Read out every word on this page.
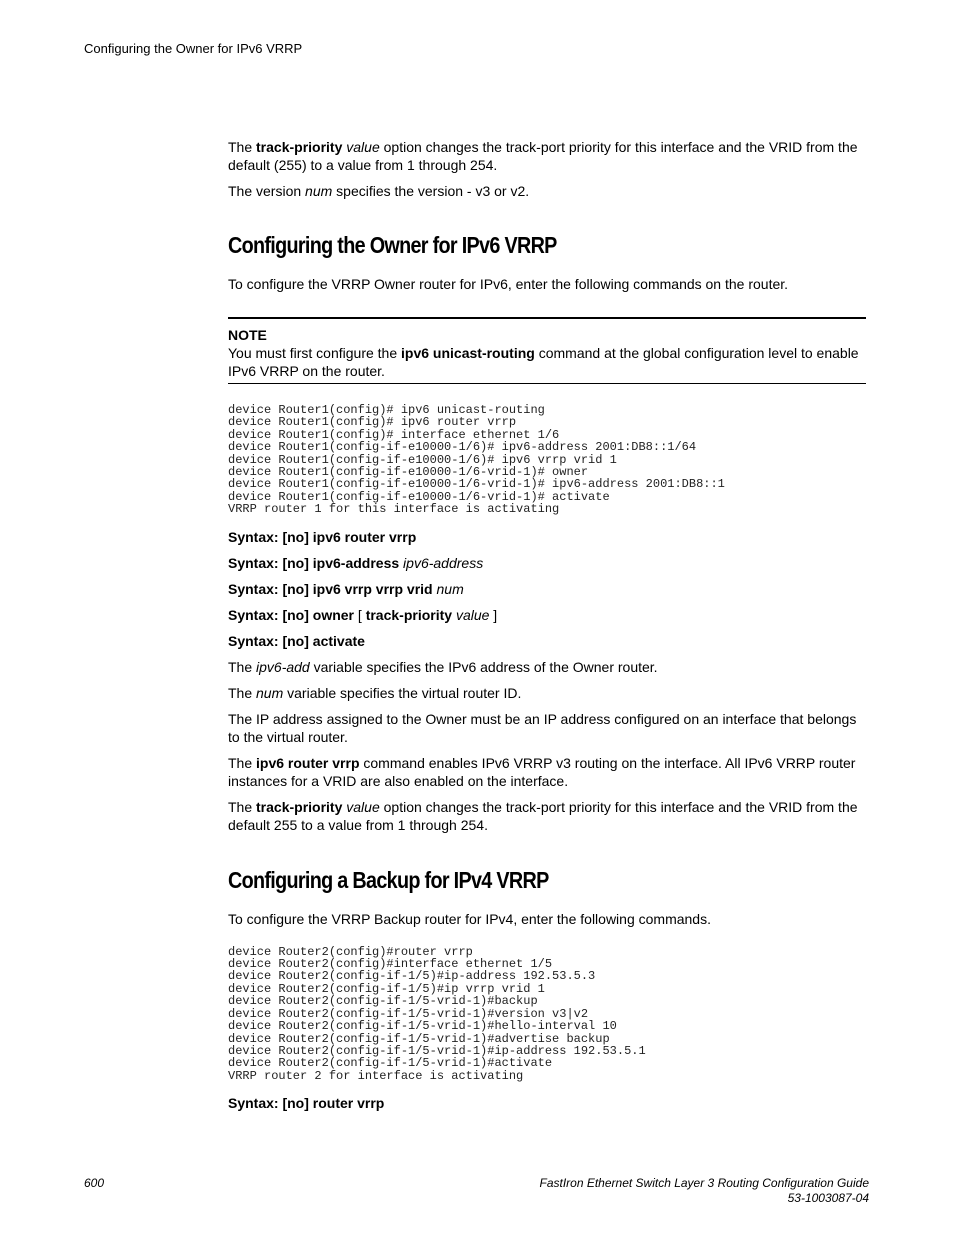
Configuring the Owner for IPv6 VRRP

The track-priority value option changes the track-port priority for this interface and the VRID from the default (255) to a value from 1 through 254.

The version num specifies the version - v3 or v2.

Configuring the Owner for IPv6 VRRP

To configure the VRRP Owner router for IPv6, enter the following commands on the router.

NOTE

You must first configure the ipv6 unicast-routing command at the global configuration level to enable IPv6 VRRP on the router.

device Router1(config)# ipv6 unicast-routing
device Router1(config)# ipv6 router vrrp
device Router1(config)# interface ethernet 1/6
device Router1(config-if-e10000-1/6)# ipv6-address 2001:DB8::1/64
device Router1(config-if-e10000-1/6)# ipv6 vrrp vrid 1
device Router1(config-if-e10000-1/6-vrid-1)# owner
device Router1(config-if-e10000-1/6-vrid-1)# ipv6-address 2001:DB8::1
device Router1(config-if-e10000-1/6-vrid-1)# activate
VRRP router 1 for this interface is activating

Syntax: [no] ipv6 router vrrp

Syntax: [no] ipv6-address ipv6-address

Syntax: [no] ipv6 vrrp vrrp vrid num

Syntax: [no] owner [ track-priority value ]

Syntax: [no] activate

The ipv6-add variable specifies the IPv6 address of the Owner router.

The num variable specifies the virtual router ID.

The IP address assigned to the Owner must be an IP address configured on an interface that belongs to the virtual router.

The ipv6 router vrrp command enables IPv6 VRRP v3 routing on the interface. All IPv6 VRRP router instances for a VRID are also enabled on the interface.

The track-priority value option changes the track-port priority for this interface and the VRID from the default 255 to a value from 1 through 254.

Configuring a Backup for IPv4 VRRP

To configure the VRRP Backup router for IPv4, enter the following commands.

device Router2(config)#router vrrp
device Router2(config)#interface ethernet 1/5
device Router2(config-if-1/5)#ip-address 192.53.5.3
device Router2(config-if-1/5)#ip vrrp vrid 1
device Router2(config-if-1/5-vrid-1)#backup
device Router2(config-if-1/5-vrid-1)#version v3|v2
device Router2(config-if-1/5-vrid-1)#hello-interval 10
device Router2(config-if-1/5-vrid-1)#advertise backup
device Router2(config-if-1/5-vrid-1)#ip-address 192.53.5.1
device Router2(config-if-1/5-vrid-1)#activate
VRRP router 2 for interface is activating

Syntax: [no] router vrrp

600	FastIron Ethernet Switch Layer 3 Routing Configuration Guide
53-1003087-04
